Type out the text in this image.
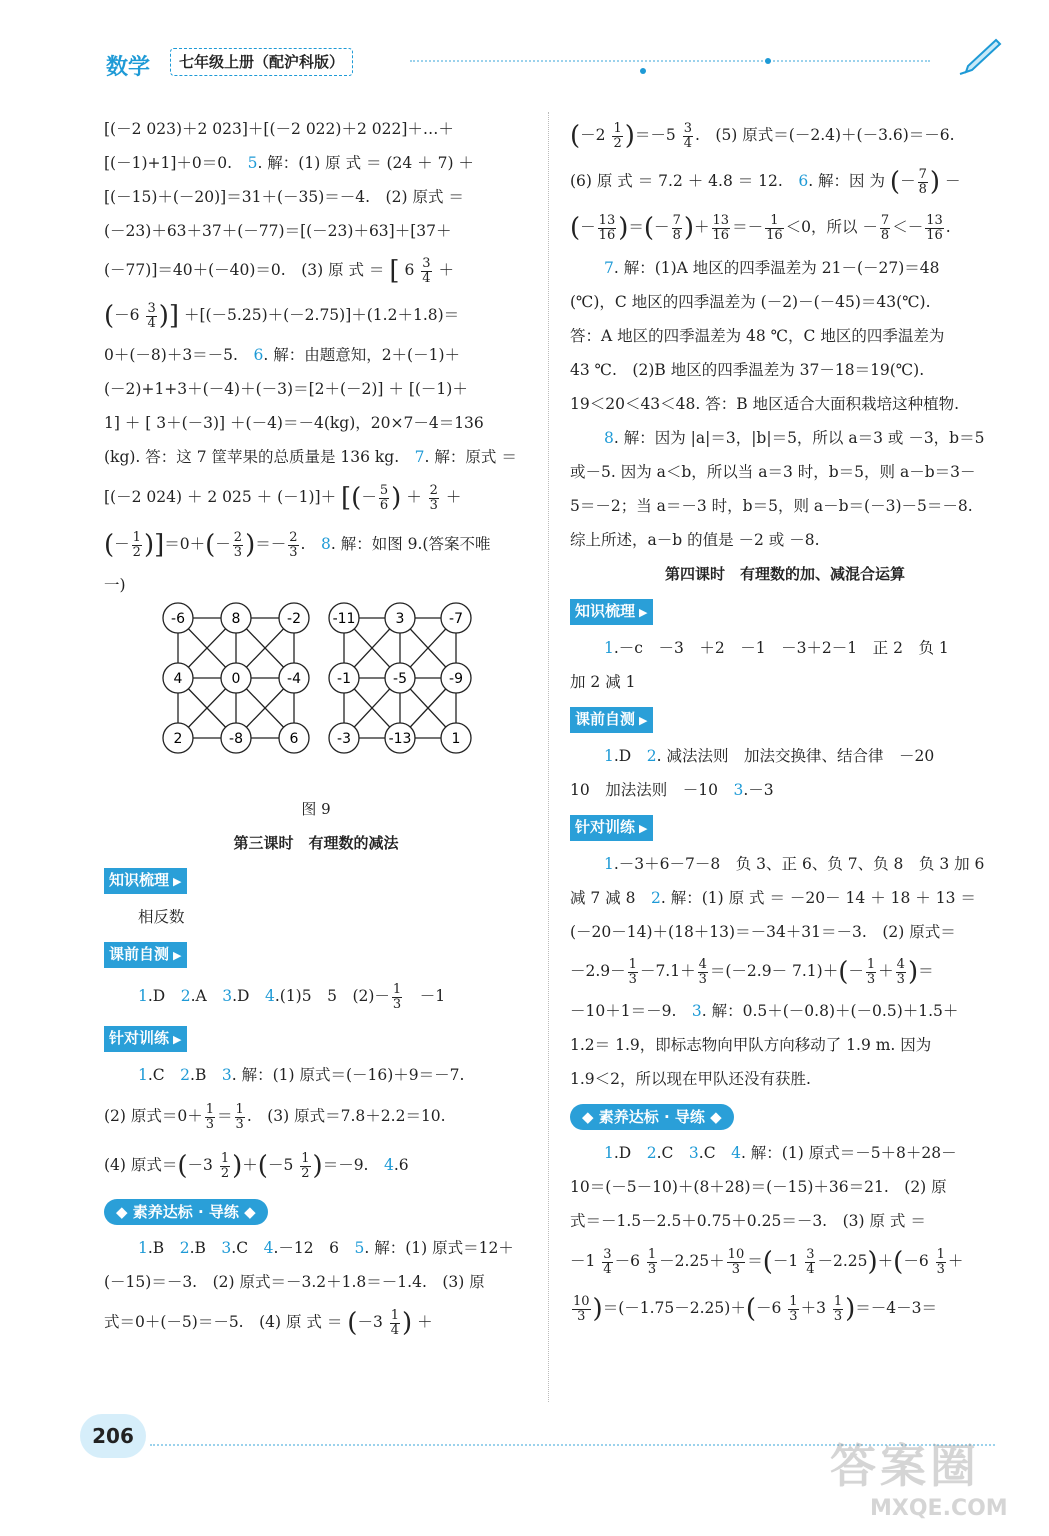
数学	七年级上册（配沪科版）

[(－2 023)＋2 023]＋[(－2 022)＋2 022]＋…＋

[(－1)+1]＋0＝0.　5. 解：(1) 原 式 ＝ (24 ＋ 7) ＋

[(－15)＋(－20)]＝31＋(－35)＝－4.　(2) 原式 ＝

(－23)＋63＋37＋(－77)＝[(－23)＋63]＋[37＋

(－77)]＝40＋(－40)＝0.　(3) 原 式 ＝ [ $6 \frac{3}{4}$ ＋

($-6 \frac{3}{4}$ )] ＋[(－5.25)＋(－2.75)]＋(1.2＋1.8)＝

0＋(－8)＋3＝－5.　6. 解：由题意知，2＋(－1)＋

(－2)+1+3＋(－4)＋(－3)＝[2＋(－2)] ＋ [(－1)＋

1] ＋ [ 3＋(－3)] ＋(－4)＝－4(kg)，20×7－4＝136

(kg). 答：这 7 筐苹果的总质量是 136 kg.　7. 解：原式 ＝

[(－2 024) ＋ 2 025 ＋ (－1)]＋ [(－ $\frac{5}{6}$ ) ＋ $\frac{2}{3}$ ＋

(－ $\frac{1}{2} )]=0+(- \frac{2}{3}$ )＝－ $\frac{2}{3}$ .　8. 解：如图 9.(答案不唯

一)

-6	8	-2
4	0	-4
2	-8	6
-11	3	-7
-1	-5	-9
-3	-13	1

图 9

第三课时　有理数的减法

知识梳理 ▶

相反数

课前自测 ▶

1.D　2.A　3.D　4.(1)5　5　$(2)- \frac{1}{3}$ 　－1

针对训练 ▶

1.C　2.B　3. 解：(1) 原式＝(－16)＋9＝－7.

(2) 原式$=0+ \frac{1}{3} = \frac{1}{3}$ .　(3) 原式＝7.8＋2.2＝10.

(4) 原式$=(-3 \frac{1}{2} )+(-5 \frac{1}{2} )=-9$.　4.6

◆ 素养达标 · 导练 ◆

1.B　2.B　3.C　4.－12　6　5. 解：(1) 原式＝12＋

(－15)＝－3.　(2) 原式＝－3.2＋1.8＝－1.4.　(3) 原

式＝0＋(－5)＝－5.　(4) 原 式 ＝ ($-3 \frac{1}{4}$ ) ＋

$(-2 \frac{1}{2} )=-5 \frac{3}{4}$ .　(5) 原式＝(－2.4)＋(－3.6)＝－6.

(6) 原 式 ＝ 7.2 ＋ 4.8 ＝ 12.　6. 解：因 为 (－ $\frac{7}{8}$ ) －

(－ $\frac{13}{16}$ )＝(－ $\frac{7}{8}$ )＋ $\frac{13}{16} =- \frac{1}{16} <0$，所以 － $\frac{7}{8} <- \frac{13}{16}$ .

7. 解：(1)A 地区的四季温差为 21－(－27)＝48

(℃)，C 地区的四季温差为 (－2)－(－45)＝43(℃).

答：A 地区的四季温差为 48 ℃，C 地区的四季温差为

43 ℃.　(2)B 地区的四季温差为 37－18＝19(℃).

19＜20＜43＜48. 答：B 地区适合大面积栽培这种植物.

8. 解：因为 |a|＝3，|b|＝5，所以 a＝3 或 －3，b＝5

或－5. 因为 a＜b，所以当 a＝3 时，b＝5，则 a－b＝3－

5＝－2；当 a＝－3 时，b＝5，则 a－b＝(－3)－5＝－8.

综上所述，a－b 的值是 －2 或 －8.

第四课时　有理数的加、减混合运算

知识梳理 ▶

1.－c　－3　＋2　－1　－3＋2－1　正 2　负 1

加 2 减 1

课前自测 ▶

1.D　2. 减法法则　加法交换律、结合律　－20

10　加法法则　－10　3.－3

针对训练 ▶

1.－3＋6－7－8　负 3、正 6、负 7、负 8　负 3 加 6

减 7 减 8　2. 解：(1) 原 式 ＝ －20－ 14 ＋ 18 ＋ 13 ＝

(－20－14)＋(18＋13)＝－34＋31＝－3.　(2) 原式＝

$-2.9- \frac{1}{3} -7.1+ \frac{4}{3} =(-2.9- 7.1)+(- \frac{1}{3} + \frac{4}{3}$ )＝

－10＋1＝－9.　3. 解：0.5＋(－0.8)＋(－0.5)＋1.5＋

1.2＝ 1.9，即标志物向甲队方向移动了 1.9 m. 因为

1.9＜2，所以现在甲队还没有获胜.

◆ 素养达标 · 导练 ◆

1.D　2.C　3.C　4. 解：(1) 原式＝－5＋8＋28－

10＝(－5－10)＋(8＋28)＝(－15)＋36＝21.　(2) 原

式＝－1.5－2.5＋0.75＋0.25＝－3.　(3) 原 式 ＝

$-1 \frac{3}{4} -6 \frac{1}{3} -2.25+ \frac{10}{3} =(-1 \frac{3}{4} -2.25)+(-6 \frac{1}{3}$ ＋

$\frac{10}{3} )=(-1.75-2.25)+(-6 \frac{1}{3} +3 \frac{1}{3} )=-4-3=$

206
答案圈
MXQE.COM
